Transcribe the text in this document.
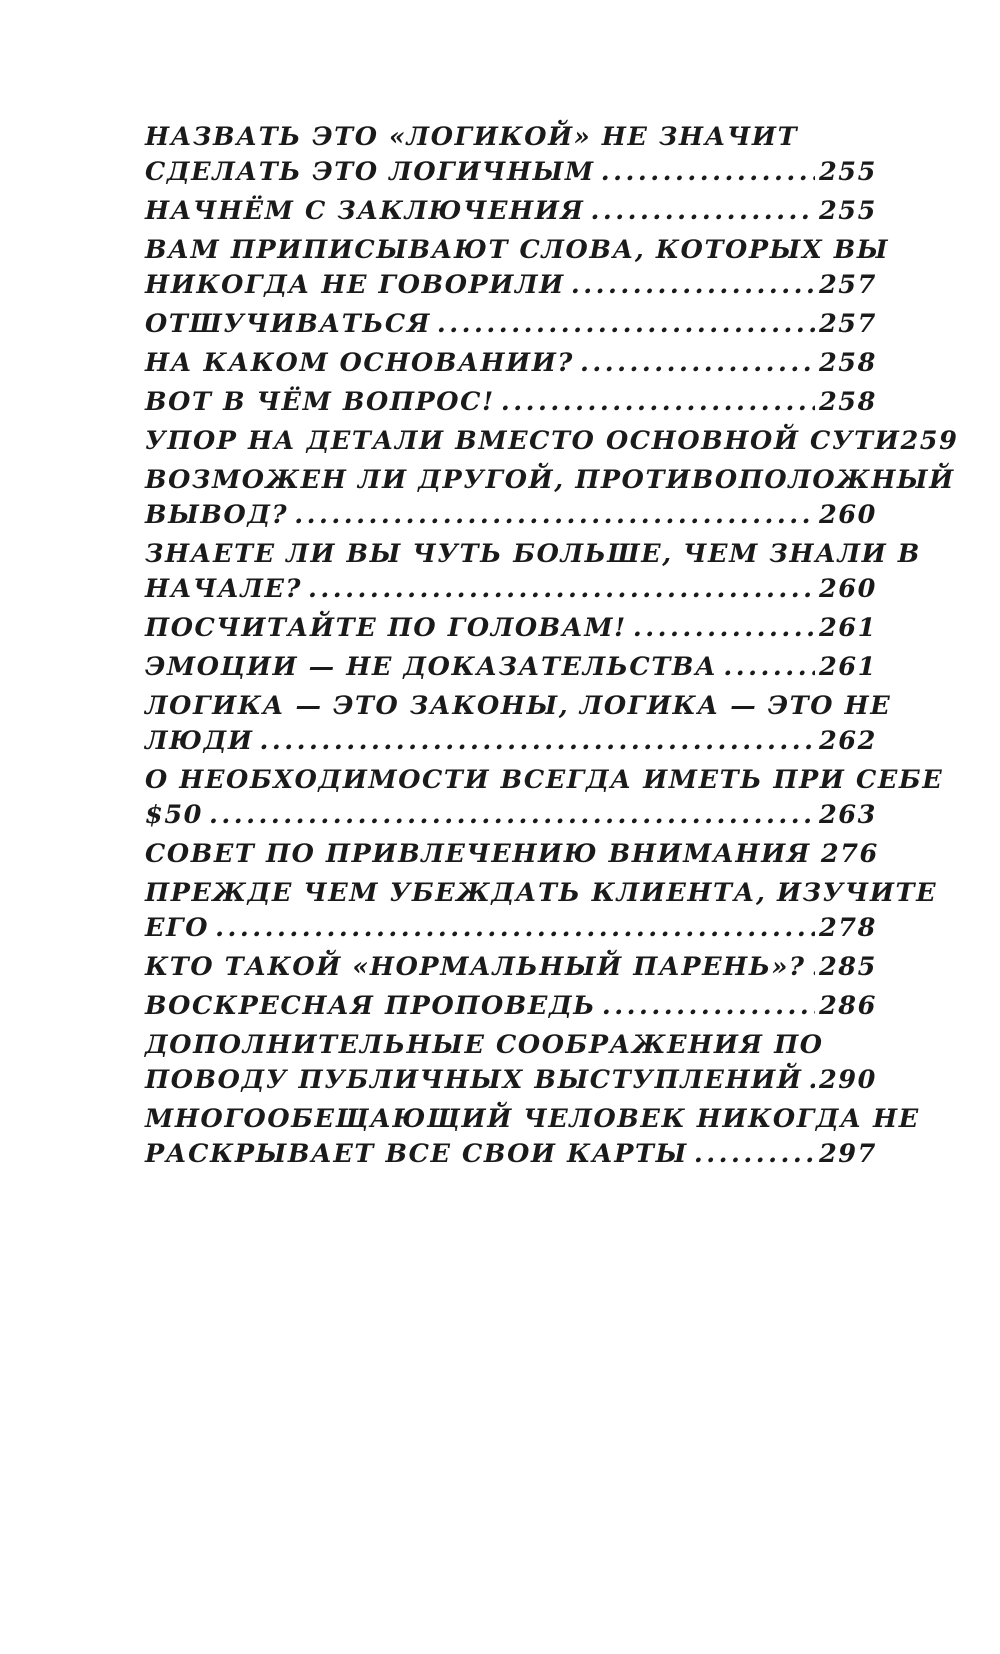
НАЗВАТЬ ЭТО «ЛОГИКОЙ» НЕ ЗНАЧИТ
СДЕЛАТЬ ЭТО ЛОГИЧНЫМ .....	255
НАЧНЁМ С ЗАКЛЮЧЕНИЯ .....	255
ВАМ ПРИПИСЫВАЮТ СЛОВА, КОТОРЫХ ВЫ
НИКОГДА НЕ ГОВОРИЛИ .....	257
ОТШУЧИВАТЬСЯ .....	257
НА КАКОМ ОСНОВАНИИ? .....	258
ВОТ В ЧЁМ ВОПРОС! .....	258
УПОР НА ДЕТАЛИ ВМЕСТО ОСНОВНОЙ СУТИ 259
ВОЗМОЖЕН ЛИ ДРУГОЙ, ПРОТИВОПОЛОЖНЫЙ
ВЫВОД? .....	260
ЗНАЕТЕ ЛИ ВЫ ЧУТЬ БОЛЬШЕ, ЧЕМ ЗНАЛИ В
НАЧАЛЕ? .....	260
ПОСЧИТАЙТЕ ПО ГОЛОВАМ! .....	261
ЭМОЦИИ — НЕ ДОКАЗАТЕЛЬСТВА .....	261
ЛОГИКА — ЭТО ЗАКОНЫ, ЛОГИКА — ЭТО НЕ
ЛЮДИ .....	262
О НЕОБХОДИМОСТИ ВСЕГДА ИМЕТЬ ПРИ СЕБЕ
$50 .....	263
СОВЕТ ПО ПРИВЛЕЧЕНИЮ ВНИМАНИЯ 276
ПРЕЖДЕ ЧЕМ УБЕЖДАТЬ КЛИЕНТА, ИЗУЧИТЕ
ЕГО .....	278
КТО ТАКОЙ «НОРМАЛЬНЫЙ ПАРЕНЬ»? ..... 285
ВОСКРЕСНАЯ ПРОПОВЕДЬ .....	286
ДОПОЛНИТЕЛЬНЫЕ СООБРАЖЕНИЯ ПО
ПОВОДУ ПУБЛИЧНЫХ ВЫСТУПЛЕНИЙ ..... 290
МНОГООБЕЩАЮЩИЙ ЧЕЛОВЕК НИКОГДА НЕ
РАСКРЫВАЕТ ВСЕ СВОИ КАРТЫ .....	297
